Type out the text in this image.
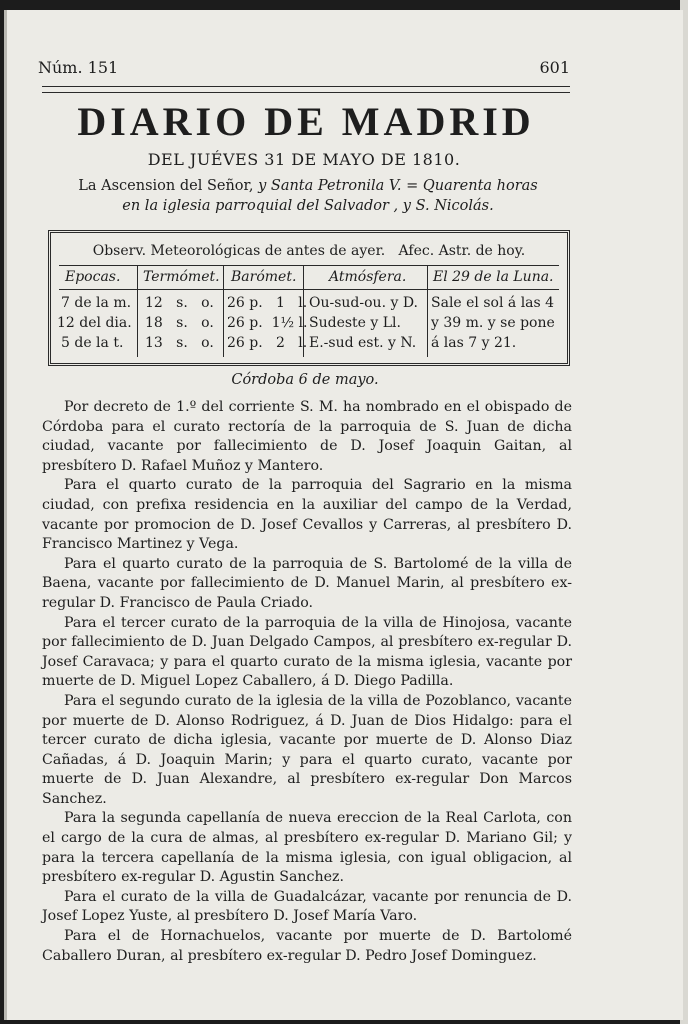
Núm. 151	601
DIARIO DE MADRID
DEL JUÉVES 31 DE MAYO DE 1810.
La Ascension del Señor, y Santa Petronila V. = Quarenta horas
en la iglesia parroquial del Salvador , y S. Nicolás.
Observ. Meteorológicas de antes de ayer. Afec. Astr. de hoy.
Epocas. Termómet. Barómet. Atmósfera. El 29 de la Luna.
7 de la m. 12   s.   o. 26 p.   1   l. Ou-sud-ou. y D.
12 del dia. 18   s.   o. 26 p.  1½ l. Sudeste y Ll.
5 de la t. 13   s.   o. 26 p.   2   l. E.-sud est. y N.
Sale el sol á las 4
y 39 m. y se pone
á las 7 y 21.
Córdoba 6 de mayo.

Por decreto de 1.º del corriente S. M. ha nombrado en el obispado de Córdoba para el curato rectoría de la parroquia de S. Juan de dicha ciudad, vacante por fallecimiento de D. Josef Joaquin Gaitan, al presbítero D. Rafael Muñoz y Mantero.

Para el quarto curato de la parroquia del Sagrario en la misma ciudad, con prefixa residencia en la auxiliar del campo de la Verdad, vacante por promocion de D. Josef Cevallos y Carreras, al presbítero D. Francisco Martinez y Vega.

Para el quarto curato de la parroquia de S. Bartolomé de la villa de Baena, vacante por fallecimiento de D. Manuel Marin, al presbítero ex-regular D. Francisco de Paula Criado.

Para el tercer curato de la parroquia de la villa de Hinojosa, vacante por fallecimiento de D. Juan Delgado Campos, al presbítero ex-regular D. Josef Caravaca; y para el quarto curato de la misma iglesia, vacante por muerte de D. Miguel Lopez Caballero, á D. Diego Padilla.

Para el segundo curato de la iglesia de la villa de Pozoblanco, vacante por muerte de D. Alonso Rodriguez, á D. Juan de Dios Hidalgo: para el tercer curato de dicha iglesia, vacante por muerte de D. Alonso Diaz Cañadas, á D. Joaquin Marin; y para el quarto curato, vacante por muerte de D. Juan Alexandre, al presbítero ex-regular Don Marcos Sanchez.

Para la segunda capellanía de nueva ereccion de la Real Carlota, con el cargo de la cura de almas, al presbítero ex-regular D. Mariano Gil; y para la tercera capellanía de la misma iglesia, con igual obligacion, al presbítero ex-regular D. Agustin Sanchez.

Para el curato de la villa de Guadalcázar, vacante por renuncia de D. Josef Lopez Yuste, al presbítero D. Josef María Varo.

Para el de Hornachuelos, vacante por muerte de D. Bartolomé Caballero Duran, al presbítero ex-regular D. Pedro Josef Dominguez.
